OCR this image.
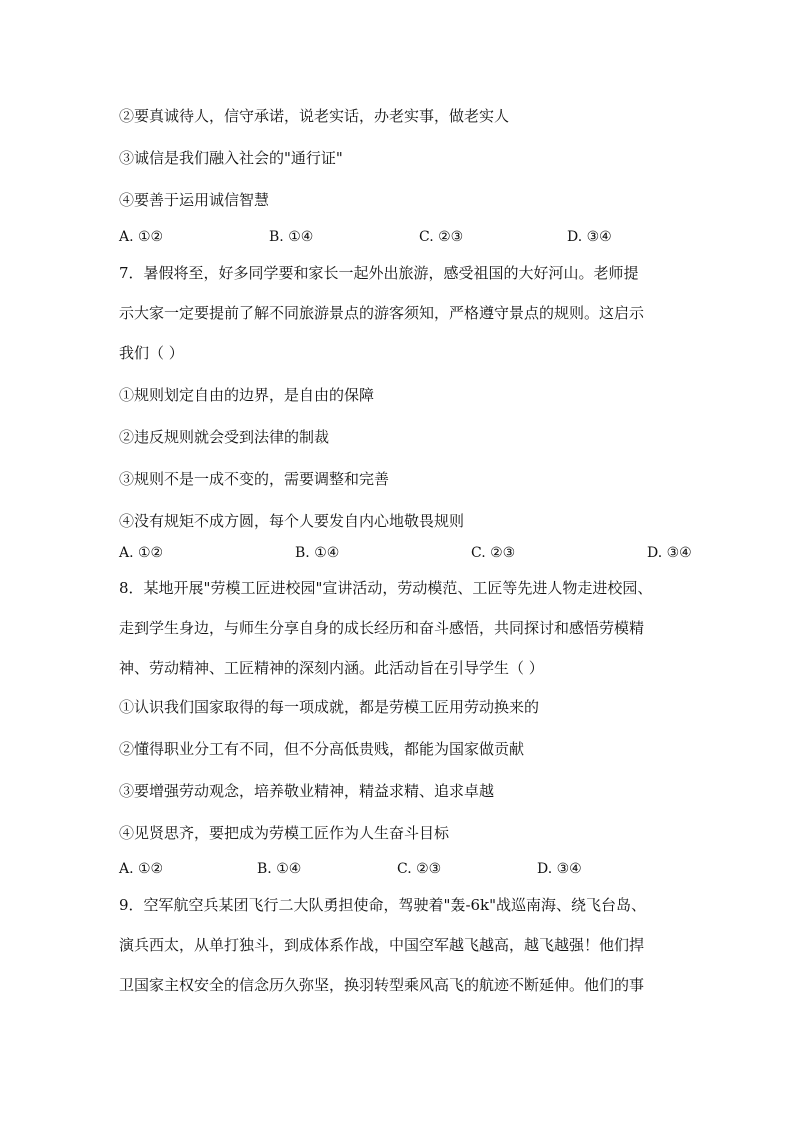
②要真诚待人，信守承诺，说老实话，办老实事，做老实人
③诚信是我们融入社会的"通行证"
④要善于运用诚信智慧
A. ①②	B. ①④	C. ②③	D. ③④
7．暑假将至，好多同学要和家长一起外出旅游，感受祖国的大好河山。老师提
示大家一定要提前了解不同旅游景点的游客须知，严格遵守景点的规则。这启示
我们（ ）
①规则划定自由的边界，是自由的保障
②违反规则就会受到法律的制裁
③规则不是一成不变的，需要调整和完善
④没有规矩不成方圆，每个人要发自内心地敬畏规则
A. ①②	B. ①④	C. ②③	D. ③④
8．某地开展"劳模工匠进校园"宣讲活动，劳动模范、工匠等先进人物走进校园、
走到学生身边，与师生分享自身的成长经历和奋斗感悟，共同探讨和感悟劳模精
神、劳动精神、工匠精神的深刻内涵。此活动旨在引导学生（ ）
①认识我们国家取得的每一项成就，都是劳模工匠用劳动换来的
②懂得职业分工有不同，但不分高低贵贱，都能为国家做贡献
③要增强劳动观念，培养敬业精神，精益求精、追求卓越
④见贤思齐，要把成为劳模工匠作为人生奋斗目标
A. ①②	B. ①④	C. ②③	D. ③④
9．空军航空兵某团飞行二大队勇担使命，驾驶着"轰-6k"战巡南海、绕飞台岛、
演兵西太，从单打独斗，到成体系作战，中国空军越飞越高，越飞越强！他们捍
卫国家主权安全的信念历久弥坚，换羽转型乘风高飞的航迹不断延伸。他们的事
